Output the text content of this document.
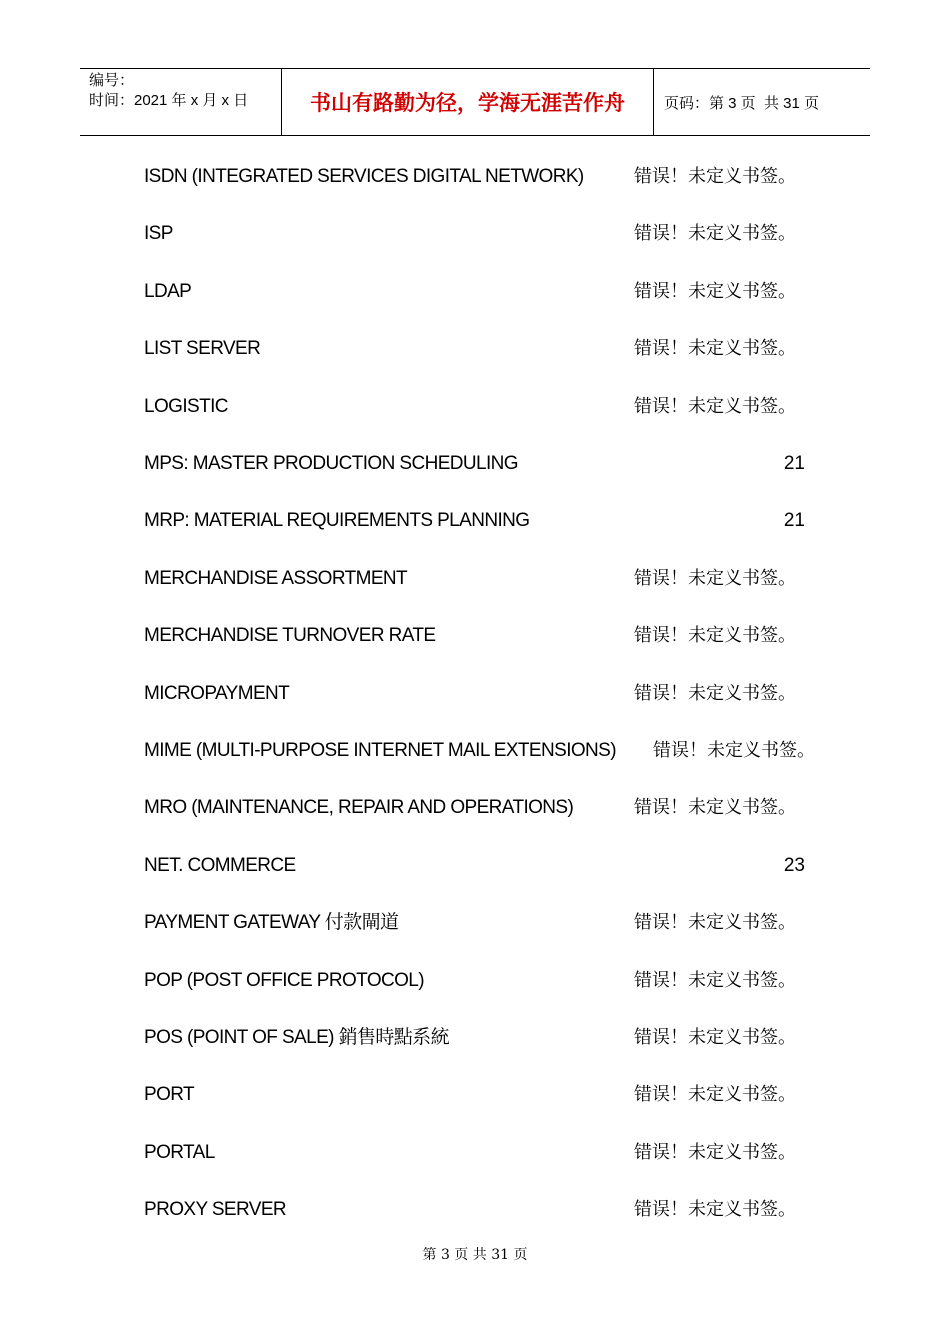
编号：
时间：2021 年 x 月 x 日	书山有路勤为径，学海无涯苦作舟	页码：第 3 页  共 31 页
ISDN (INTEGRATED SERVICES DIGITAL NETWORK)	错误！未定义书签。
ISP	错误！未定义书签。
LDAP	错误！未定义书签。
LIST SERVER	错误！未定义书签。
LOGISTIC	错误！未定义书签。
MPS: MASTER PRODUCTION SCHEDULING	21
MRP: MATERIAL REQUIREMENTS PLANNING	21
MERCHANDISE ASSORTMENT	错误！未定义书签。
MERCHANDISE TURNOVER RATE	错误！未定义书签。
MICROPAYMENT	错误！未定义书签。
MIME (MULTI-PURPOSE INTERNET MAIL EXTENSIONS) 错误！未定义书签。
MRO (MAINTENANCE, REPAIR AND OPERATIONS)	错误！未定义书签。
NET. COMMERCE	23
PAYMENT GATEWAY 付款閘道	错误！未定义书签。
POP (POST OFFICE PROTOCOL)	错误！未定义书签。
POS (POINT OF SALE) 銷售時點系統	错误！未定义书签。
PORT	错误！未定义书签。
PORTAL	错误！未定义书签。
PROXY SERVER	错误！未定义书签。
第 3 页 共 31 页
